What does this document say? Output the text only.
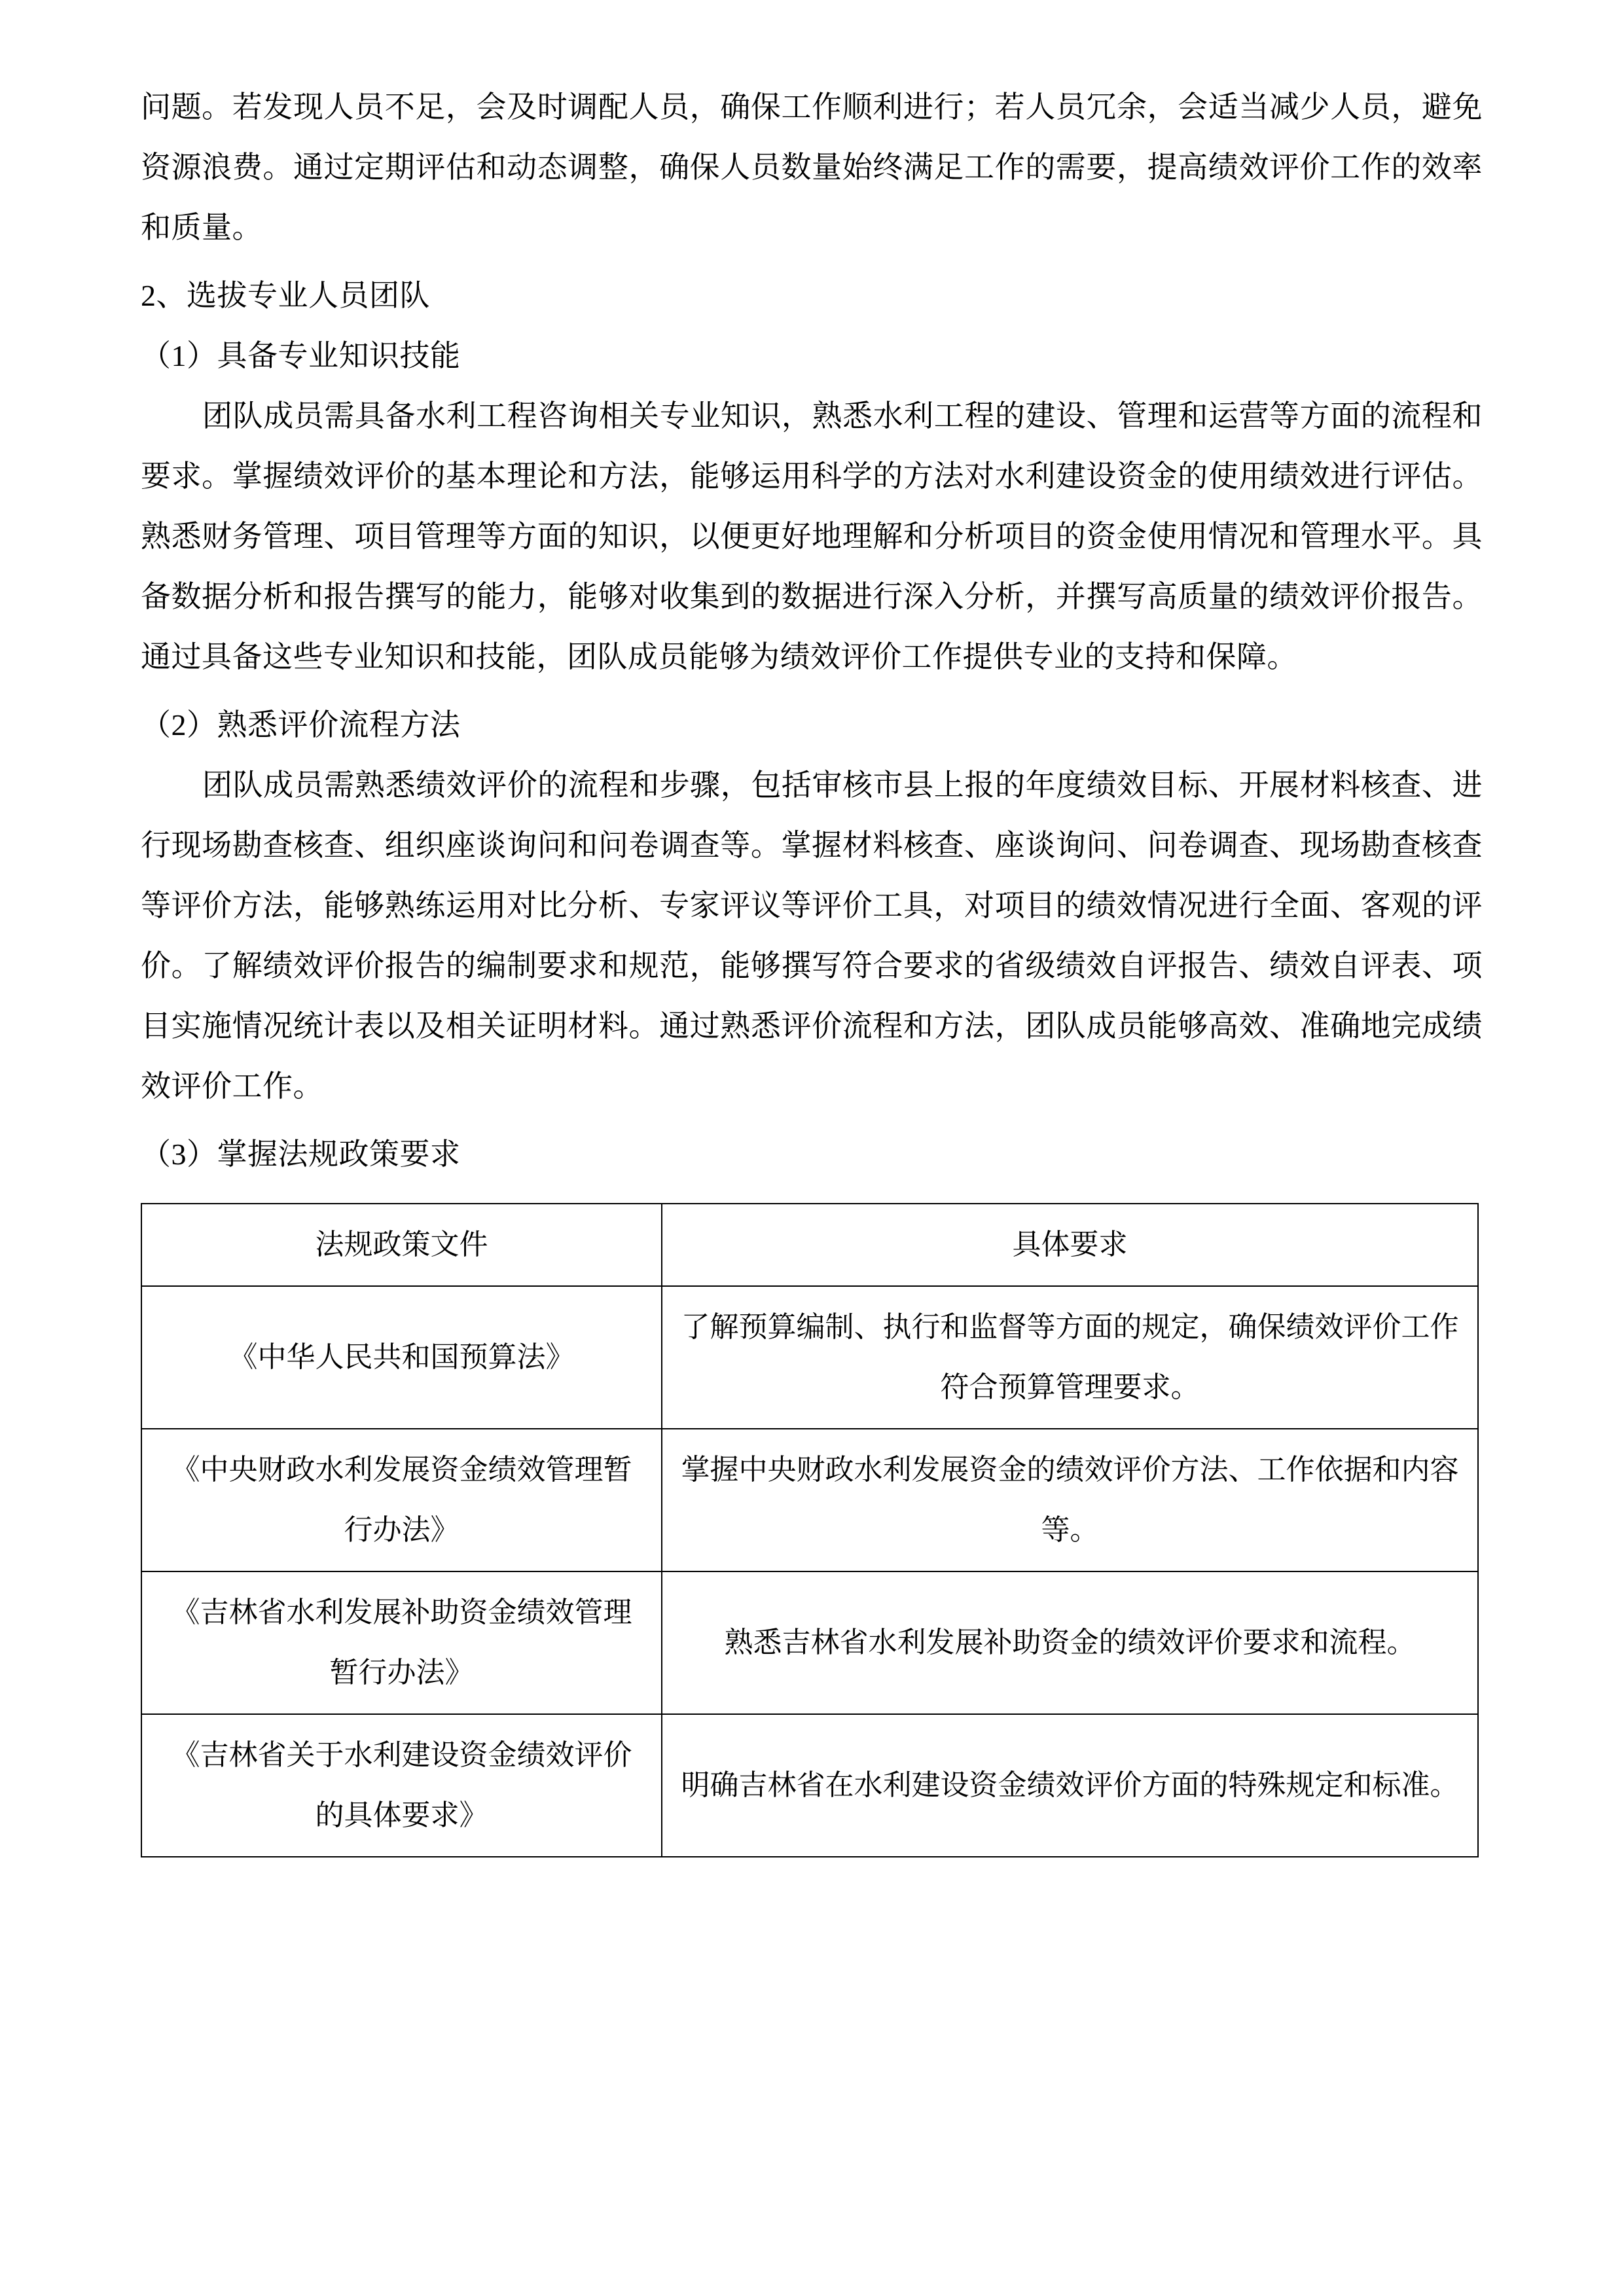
问题。若发现人员不足，会及时调配人员，确保工作顺利进行；若人员冗余，会适当减少人员，避免资源浪费。通过定期评估和动态调整，确保人员数量始终满足工作的需要，提高绩效评价工作的效率和质量。

2、选拔专业人员团队

（1）具备专业知识技能

团队成员需具备水利工程咨询相关专业知识，熟悉水利工程的建设、管理和运营等方面的流程和要求。掌握绩效评价的基本理论和方法，能够运用科学的方法对水利建设资金的使用绩效进行评估。熟悉财务管理、项目管理等方面的知识，以便更好地理解和分析项目的资金使用情况和管理水平。具备数据分析和报告撰写的能力，能够对收集到的数据进行深入分析，并撰写高质量的绩效评价报告。通过具备这些专业知识和技能，团队成员能够为绩效评价工作提供专业的支持和保障。

（2）熟悉评价流程方法

团队成员需熟悉绩效评价的流程和步骤，包括审核市县上报的年度绩效目标、开展材料核查、进行现场勘查核查、组织座谈询问和问卷调查等。掌握材料核查、座谈询问、问卷调查、现场勘查核查等评价方法，能够熟练运用对比分析、专家评议等评价工具，对项目的绩效情况进行全面、客观的评价。了解绩效评价报告的编制要求和规范，能够撰写符合要求的省级绩效自评报告、绩效自评表、项目实施情况统计表以及相关证明材料。通过熟悉评价流程和方法，团队成员能够高效、准确地完成绩效评价工作。

（3）掌握法规政策要求

法规政策文件	具体要求
《中华人民共和国预算法》	了解预算编制、执行和监督等方面的规定，确保绩效评价工作符合预算管理要求。
《中央财政水利发展资金绩效管理暂行办法》	掌握中央财政水利发展资金的绩效评价方法、工作依据和内容等。
《吉林省水利发展补助资金绩效管理暂行办法》	熟悉吉林省水利发展补助资金的绩效评价要求和流程。
《吉林省关于水利建设资金绩效评价的具体要求》	明确吉林省在水利建设资金绩效评价方面的特殊规定和标准。
